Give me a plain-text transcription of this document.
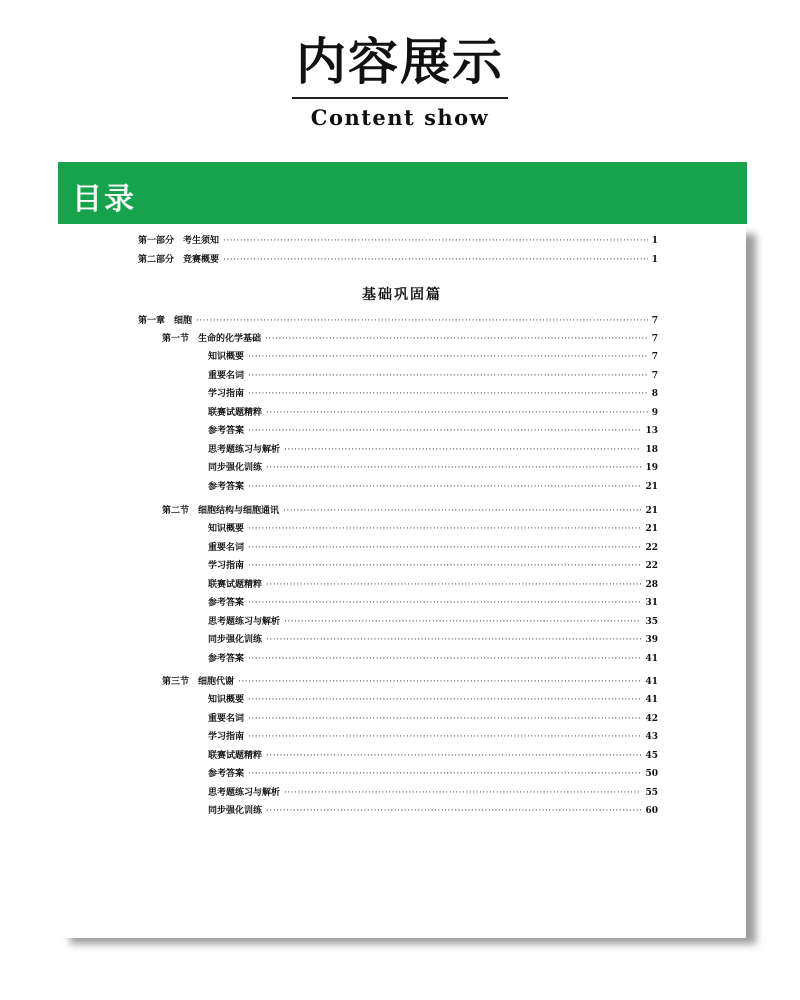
内容展示
Content show
第一部分　考生须知 ·····	1
第二部分　竞赛概要 ·····	1
基础巩固篇
第一章　细胞 ·····	7
第一节　生命的化学基础 ·····	7
知识概要 ·····	7
重要名词 ·····	7
学习指南 ·····	8
联赛试题精粹 ·····	9
参考答案 ·····	13
思考题练习与解析 ·····	18
同步强化训练 ·····	19
参考答案 ·····	21
第二节　细胞结构与细胞通讯 ·····	21
知识概要 ·····	21
重要名词 ·····	22
学习指南 ·····	22
联赛试题精粹 ·····	28
参考答案 ·····	31
思考题练习与解析 ·····	35
同步强化训练 ·····	39
参考答案 ·····	41
第三节　细胞代谢 ·····	41
知识概要 ·····	41
重要名词 ·····	42
学习指南 ·····	43
联赛试题精粹 ·····	45
参考答案 ·····	50
思考题练习与解析 ·····	55
同步强化训练 ·····	60
目录
